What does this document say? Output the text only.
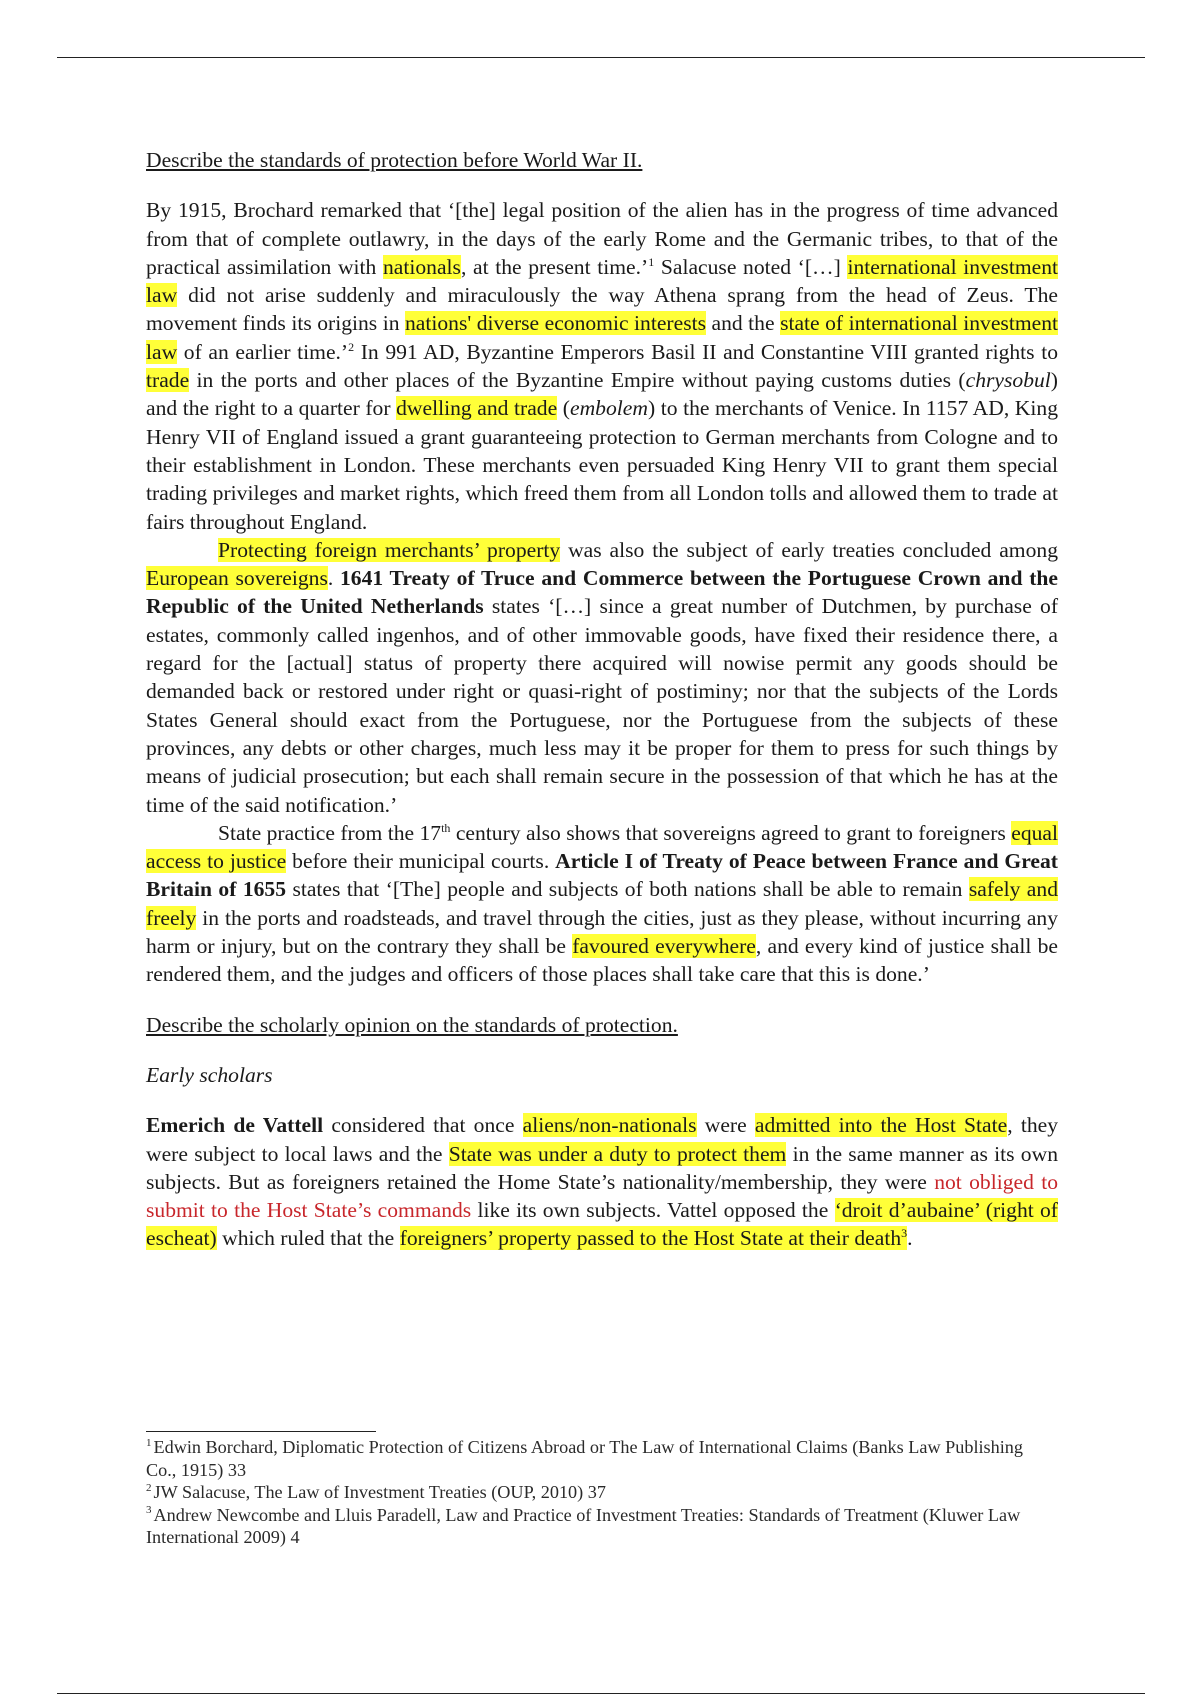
Describe the standards of protection before World War II.

By 1915, Brochard remarked that ‘[the] legal position of the alien has in the progress of time advanced from that of complete outlawry, in the days of the early Rome and the Germanic tribes, to that of the practical assimilation with nationals, at the present time.’$^1$ Salacuse noted ‘[…] international investment law did not arise suddenly and miraculously the way Athena sprang from the head of Zeus. The movement finds its origins in nations' diverse economic interests and the state of international investment law of an earlier time.’$^2$ In 991 AD, Byzantine Emperors Basil II and Constantine VIII granted rights to trade in the ports and other places of the Byzantine Empire without paying customs duties (chrysobul) and the right to a quarter for dwelling and trade (embolem) to the merchants of Venice. In 1157 AD, King Henry VII of England issued a grant guaranteeing protection to German merchants from Cologne and to their establishment in London. These merchants even persuaded King Henry VII to grant them special trading privileges and market rights, which freed them from all London tolls and allowed them to trade at fairs throughout England.

Protecting foreign merchants’ property was also the subject of early treaties concluded among European sovereigns. 1641 Treaty of Truce and Commerce between the Portuguese Crown and the Republic of the United Netherlands states ‘[…] since a great number of Dutchmen, by purchase of estates, commonly called ingenhos, and of other immovable goods, have fixed their residence there, a regard for the [actual] status of property there acquired will nowise permit any goods should be demanded back or restored under right or quasi-right of postiminy; nor that the subjects of the Lords States General should exact from the Portuguese, nor the Portuguese from the subjects of these provinces, any debts or other charges, much less may it be proper for them to press for such things by means of judicial prosecution; but each shall remain secure in the possession of that which he has at the time of the said notification.’

State practice from the 17th century also shows that sovereigns agreed to grant to foreigners equal access to justice before their municipal courts. Article I of Treaty of Peace between France and Great Britain of 1655 states that ‘[The] people and subjects of both nations shall be able to remain safely and freely in the ports and roadsteads, and travel through the cities, just as they please, without incurring any harm or injury, but on the contrary they shall be favoured everywhere, and every kind of justice shall be rendered them, and the judges and officers of those places shall take care that this is done.’

Describe the scholarly opinion on the standards of protection.

Early scholars

Emerich de Vattell considered that once aliens/non-nationals were admitted into the Host State, they were subject to local laws and the State was under a duty to protect them in the same manner as its own subjects. But as foreigners retained the Home State’s nationality/membership, they were not obliged to submit to the Host State’s commands like its own subjects. Vattel opposed the ‘droit d’aubaine’ (right of escheat) which ruled that the foreigners’ property passed to the Host State at their death$^3$.

$^1$ Edwin Borchard, Diplomatic Protection of Citizens Abroad or The Law of International Claims (Banks Law Publishing Co., 1915) 33

$^2$ JW Salacuse, The Law of Investment Treaties (OUP, 2010) 37

$^3$ Andrew Newcombe and Lluis Paradell, Law and Practice of Investment Treaties: Standards of Treatment (Kluwer Law International 2009) 4
